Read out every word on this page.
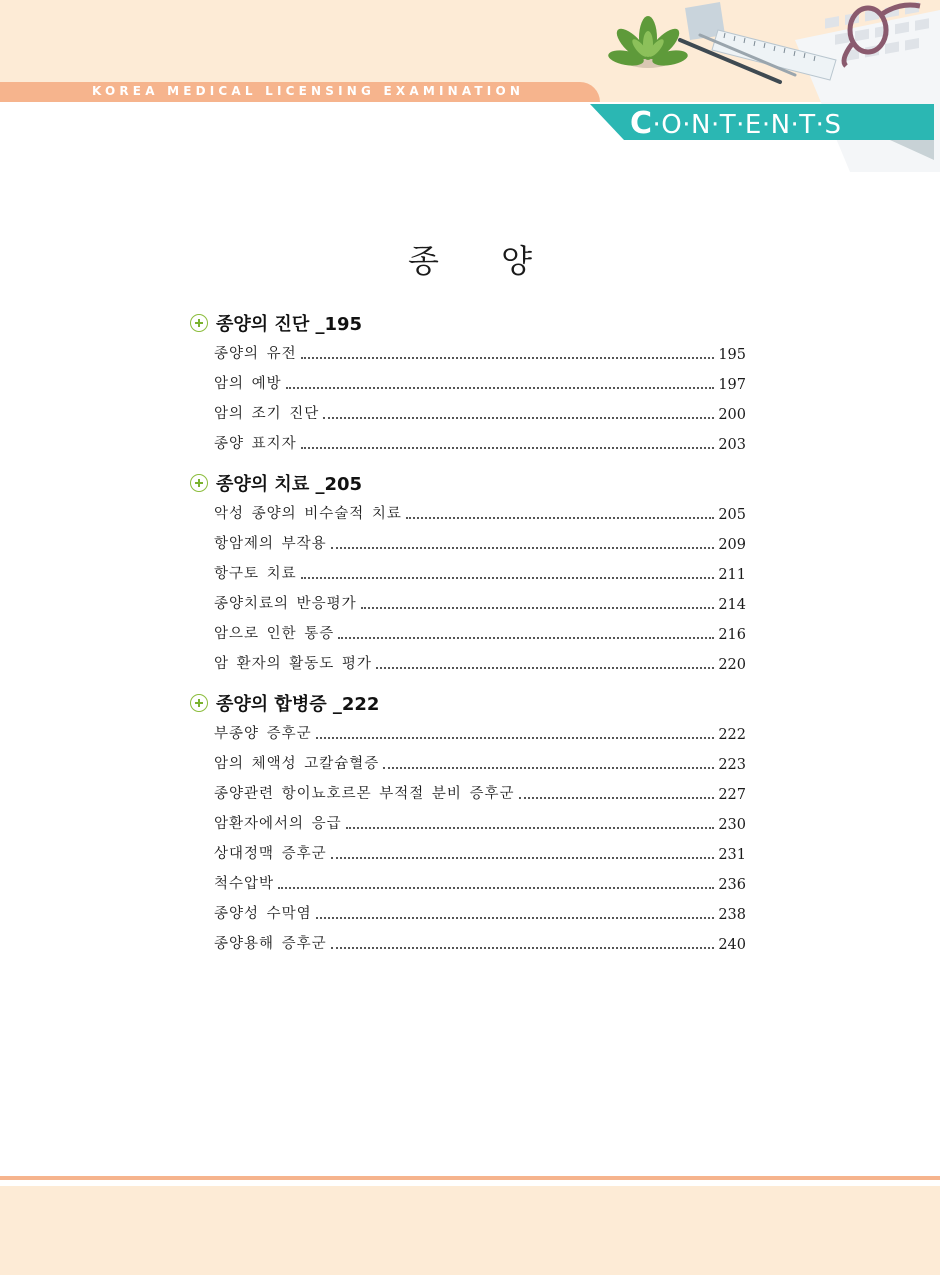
KOREA MEDICAL LICENSING EXAMINATION
C·O·N·T·E·N·T·S
종 양
종양의 진단 _195
종양의 유전	195
암의 예방	197
암의 조기 진단	200
종양 표지자	203
종양의 치료 _205
악성 종양의 비수술적 치료	205
항암제의 부작용	209
항구토 치료	211
종양치료의 반응평가	214
암으로 인한 통증	216
암 환자의 활동도 평가	220
종양의 합병증 _222
부종양 증후군	222
암의 체액성 고칼슘혈증	223
종양관련 항이뇨호르몬 부적절 분비 증후군	227
암환자에서의 응급	230
상대정맥 증후군	231
척수압박	236
종양성 수막염	238
종양용해 증후군	240
